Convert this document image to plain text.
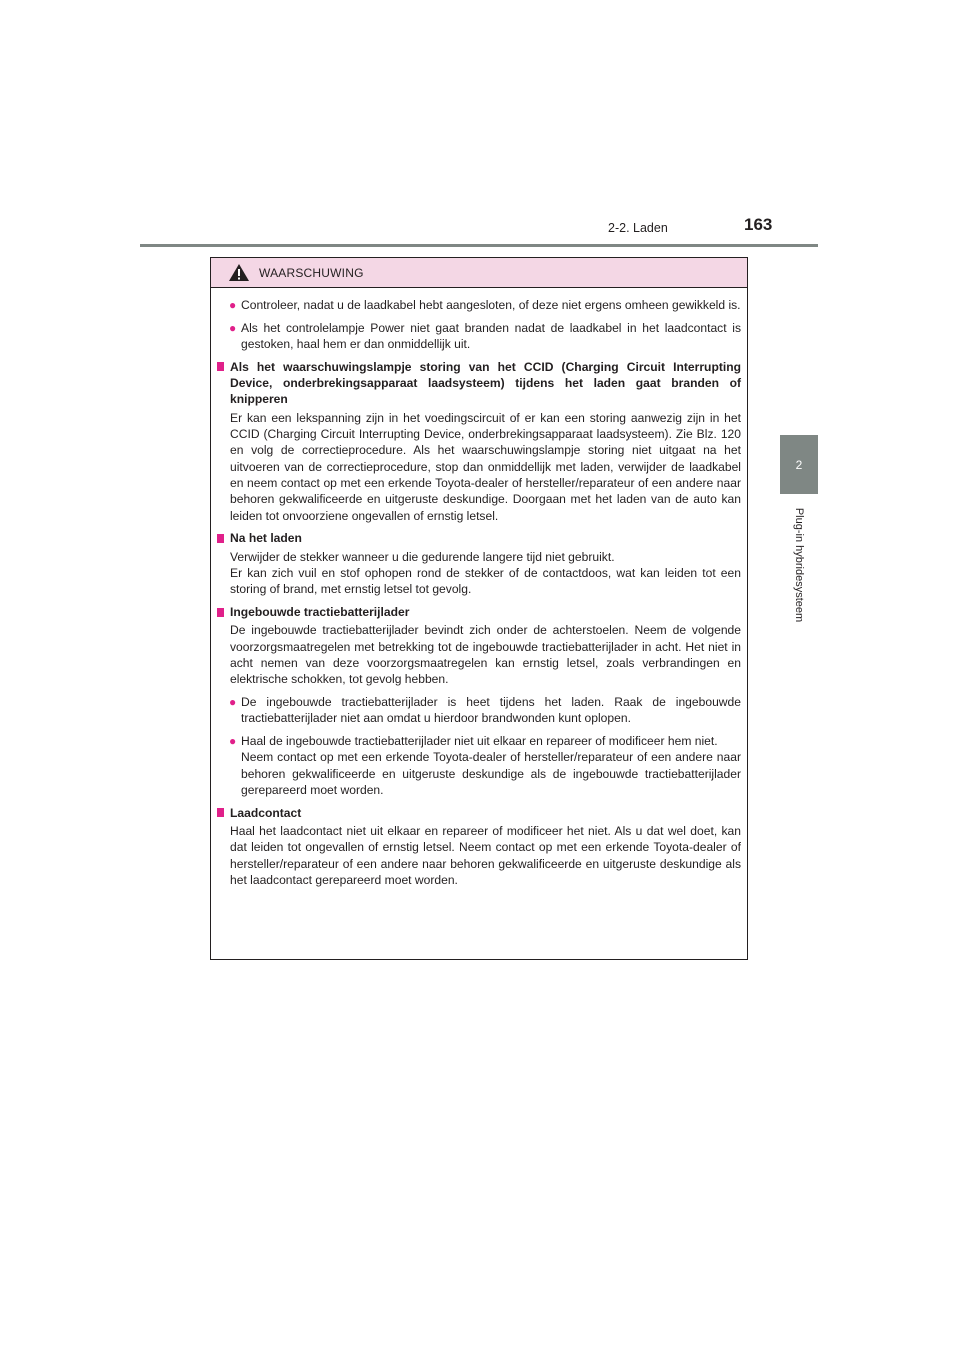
2-2. Laden	163
2
Plug-in hybridesysteem
WAARSCHUWING
● Controleer, nadat u de laadkabel hebt aangesloten, of deze niet ergens omheen gewikkeld is.

● Als het controlelampje Power niet gaat branden nadat de laadkabel in het laadcontact is gestoken, haal hem er dan onmiddellijk uit.

Als het waarschuwingslampje storing van het CCID (Charging Circuit Interrupting Device, onderbrekingsapparaat laadsysteem) tijdens het laden gaat branden of knipperen

Er kan een lekspanning zijn in het voedingscircuit of er kan een storing aanwezig zijn in het CCID (Charging Circuit Interrupting Device, onderbrekingsapparaat laadsysteem). Zie Blz. 120 en volg de correctieprocedure. Als het waarschuwingslampje storing niet uitgaat na het uitvoeren van de correctieprocedure, stop dan onmiddellijk met laden, verwijder de laadkabel en neem contact op met een erkende Toyota-dealer of hersteller/reparateur of een andere naar behoren gekwalificeerde en uitgeruste deskundige. Doorgaan met het laden van de auto kan leiden tot onvoorziene ongevallen of ernstig letsel.

Na het laden

Verwijder de stekker wanneer u die gedurende langere tijd niet gebruikt.
Er kan zich vuil en stof ophopen rond de stekker of de contactdoos, wat kan leiden tot een storing of brand, met ernstig letsel tot gevolg.

Ingebouwde tractiebatterijlader

De ingebouwde tractiebatterijlader bevindt zich onder de achterstoelen. Neem de volgende voorzorgsmaatregelen met betrekking tot de ingebouwde tractiebatterijlader in acht. Het niet in acht nemen van deze voorzorgsmaatregelen kan ernstig letsel, zoals verbrandingen en elektrische schokken, tot gevolg hebben.

● De ingebouwde tractiebatterijlader is heet tijdens het laden. Raak de ingebouwde tractiebatterijlader niet aan omdat u hierdoor brandwonden kunt oplopen.

● Haal de ingebouwde tractiebatterijlader niet uit elkaar en repareer of modificeer hem niet.
Neem contact op met een erkende Toyota-dealer of hersteller/reparateur of een andere naar behoren gekwalificeerde en uitgeruste deskundige als de ingebouwde tractiebatterijlader gerepareerd moet worden.

Laadcontact

Haal het laadcontact niet uit elkaar en repareer of modificeer het niet. Als u dat wel doet, kan dat leiden tot ongevallen of ernstig letsel. Neem contact op met een erkende Toyota-dealer of hersteller/reparateur of een andere naar behoren gekwalificeerde en uitgeruste deskundige als het laadcontact gerepareerd moet worden.
